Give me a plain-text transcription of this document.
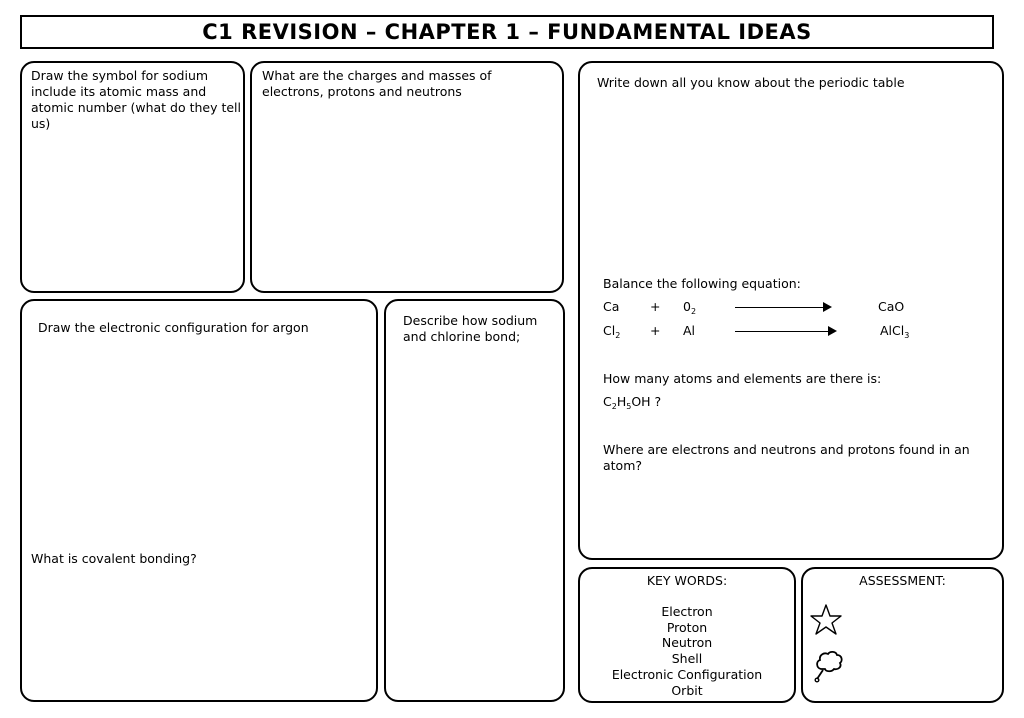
C1 REVISION – CHAPTER 1 – FUNDAMENTAL IDEAS
Draw the symbol for sodium include its atomic mass and atomic number (what do they tell us)
What are the charges and masses of electrons, protons and neutrons
Write down all you know about the periodic table
Balance the following equation:
$Ca + 0_2$	CaO
$Cl_2 + Al$	AlCl$_3$
How many atoms and elements are there is:
$C_2H_5OH$ ?
Where are electrons and neutrons and protons found in an atom?
Draw the electronic configuration for argon
What is covalent bonding?
Describe how sodium and chlorine bond;
KEY WORDS:
Electron
Proton
Neutron
Shell
Electronic Configuration
Orbit
ASSESSMENT:
